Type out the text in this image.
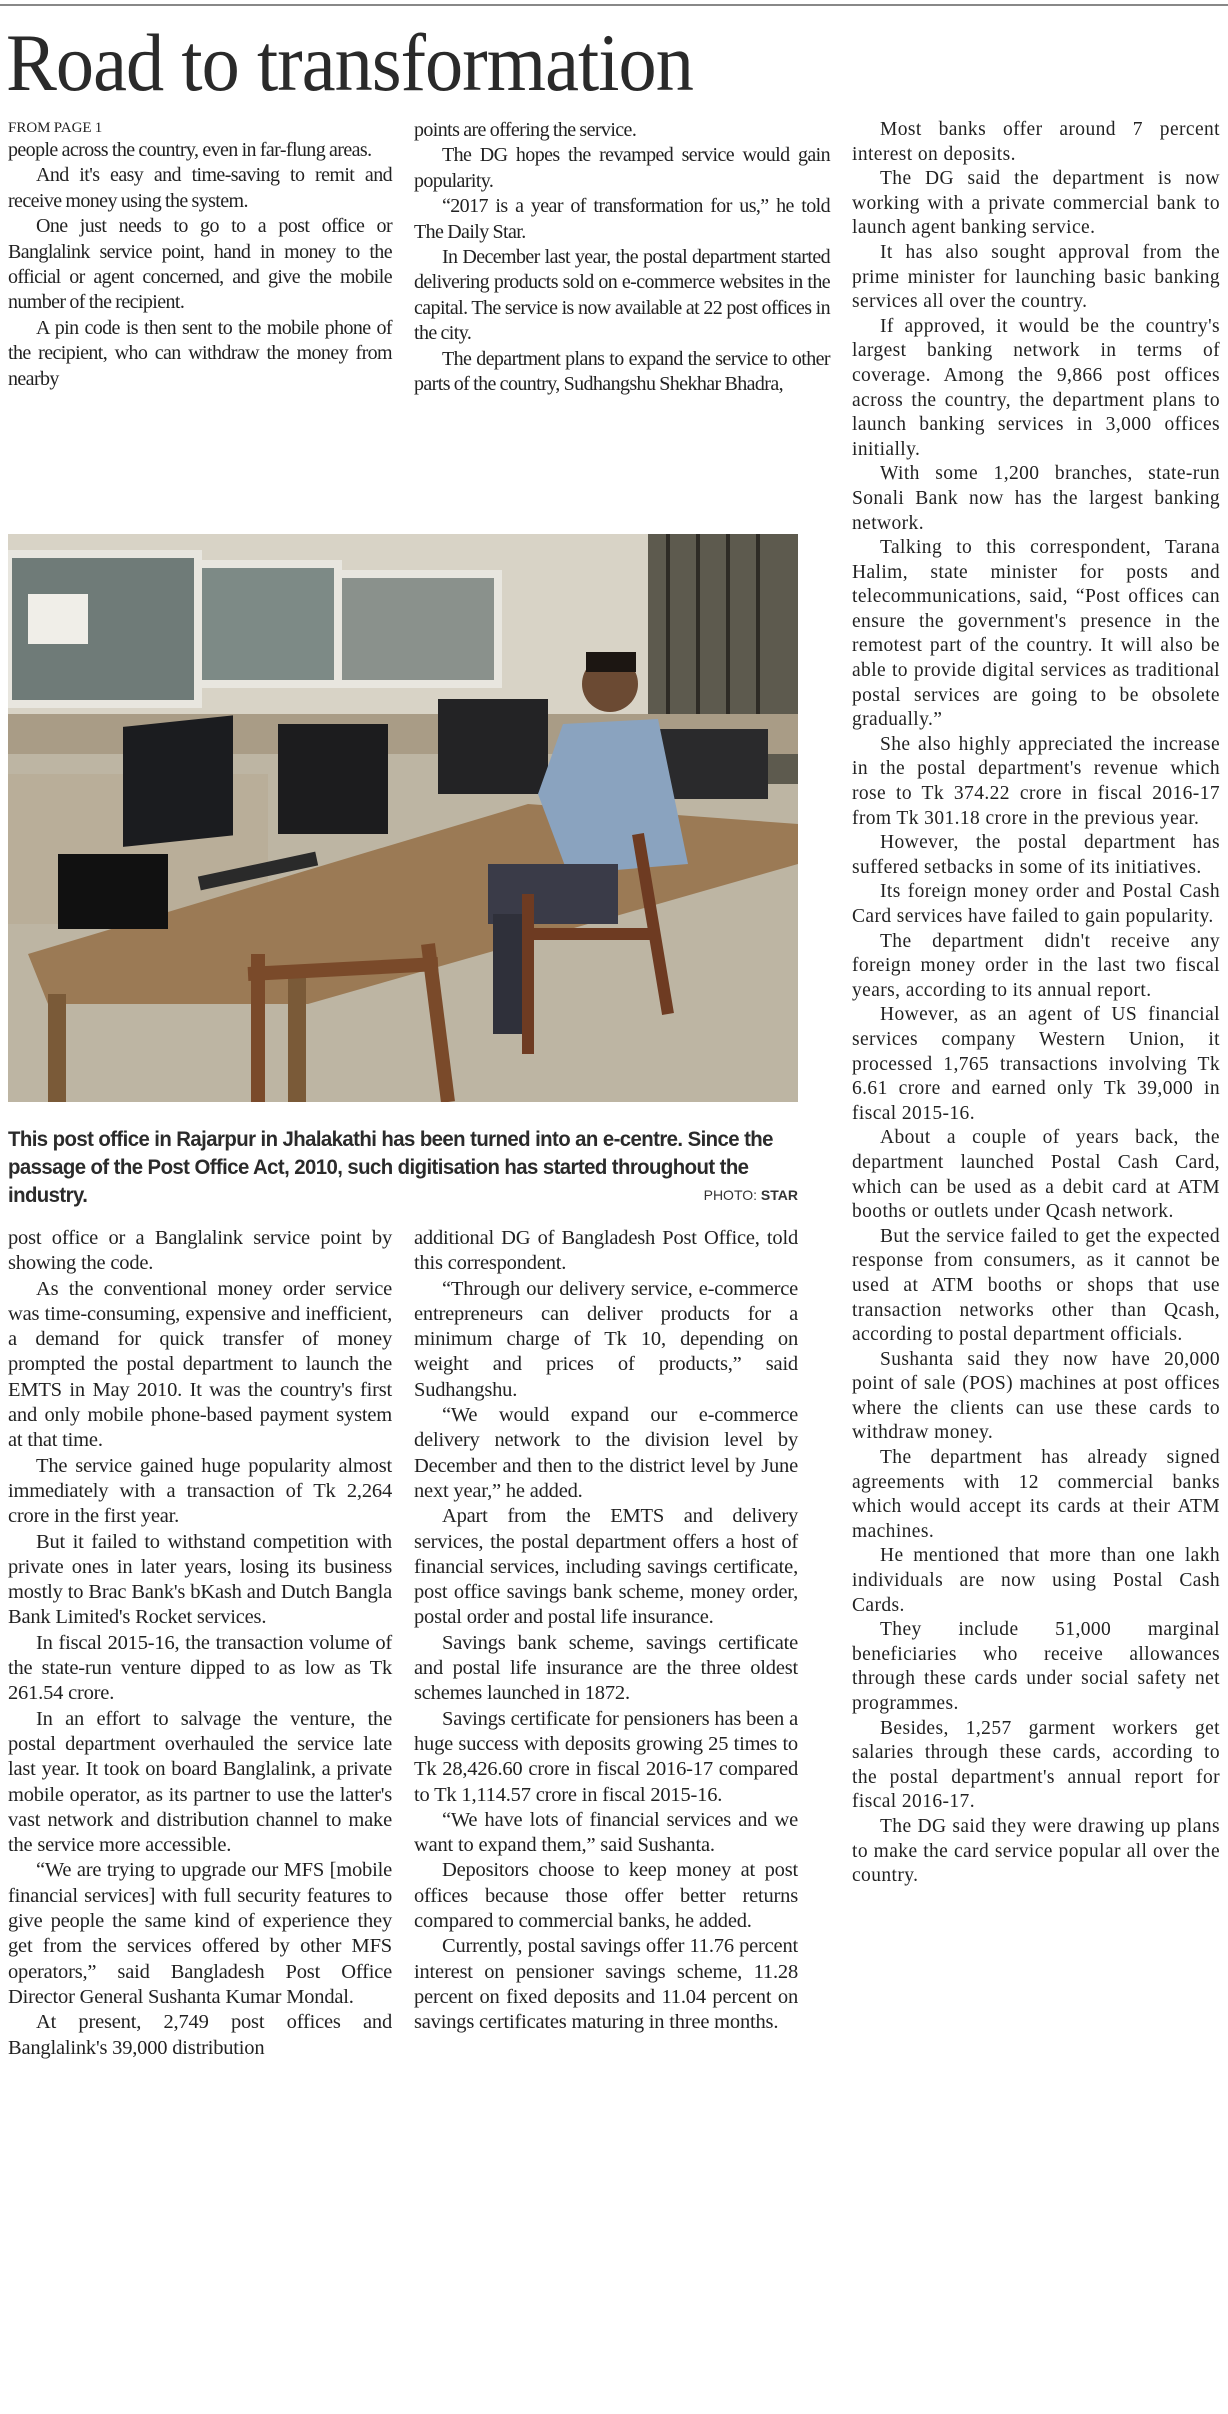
Road to transformation
FROM PAGE 1

people across the country, even in far-flung areas.

And it's easy and time-saving to remit and receive money using the system.

One just needs to go to a post office or Banglalink service point, hand in money to the official or agent concerned, and give the mobile number of the recipient.

A pin code is then sent to the mobile phone of the recipient, who can withdraw the money from nearby

points are offering the service.

The DG hopes the revamped service would gain popularity.

“2017 is a year of transformation for us,” he told The Daily Star.

In December last year, the postal department started delivering products sold on e-commerce websites in the capital. The service is now available at 22 post offices in the city.

The department plans to expand the service to other parts of the country, Sudhangshu Shekhar Bhadra,

Most banks offer around 7 percent interest on deposits.

The DG said the department is now working with a private commercial bank to launch agent banking service.

It has also sought approval from the prime minister for launching basic banking services all over the country.

If approved, it would be the country's largest banking network in terms of coverage. Among the 9,866 post offices across the country, the department plans to launch banking services in 3,000 offices initially.

With some 1,200 branches, state-run Sonali Bank now has the largest banking network.

Talking to this correspondent, Tarana Halim, state minister for posts and telecommunications, said, “Post offices can ensure the government's presence in the remotest part of the country. It will also be able to provide digital services as traditional postal services are going to be obsolete gradually.”

She also highly appreciated the increase in the postal department's revenue which rose to Tk 374.22 crore in fiscal 2016-17 from Tk 301.18 crore in the previous year.

However, the postal department has suffered setbacks in some of its initiatives.

Its foreign money order and Postal Cash Card services have failed to gain popularity.

The department didn't receive any foreign money order in the last two fiscal years, according to its annual report.

However, as an agent of US financial services company Western Union, it processed 1,765 transactions involving Tk 6.61 crore and earned only Tk 39,000 in fiscal 2015-16.

About a couple of years back, the department launched Postal Cash Card, which can be used as a debit card at ATM booths or outlets under Qcash network.

But the service failed to get the expected response from consumers, as it cannot be used at ATM booths or shops that use transaction networks other than Qcash, according to postal department officials.

Sushanta said they now have 20,000 point of sale (POS) machines at post offices where the clients can use these cards to withdraw money.

The department has already signed agreements with 12 commercial banks which would accept its cards at their ATM machines.

He mentioned that more than one lakh individuals are now using Postal Cash Cards.

They include 51,000 marginal beneficiaries who receive allowances through these cards under social safety net programmes.

Besides, 1,257 garment workers get salaries through these cards, according to the postal department's annual report for fiscal 2016-17.

The DG said they were drawing up plans to make the card service popular all over the country.

post office or a Banglalink service point by showing the code.

As the conventional money order service was time-consuming, expensive and inefficient, a demand for quick transfer of money prompted the postal department to launch the EMTS in May 2010. It was the country's first and only mobile phone-based payment system at that time.

The service gained huge popularity almost immediately with a transaction of Tk 2,264 crore in the first year.

But it failed to withstand competition with private ones in later years, losing its business mostly to Brac Bank's bKash and Dutch Bangla Bank Limited's Rocket services.

In fiscal 2015-16, the transaction volume of the state-run venture dipped to as low as Tk 261.54 crore.

In an effort to salvage the venture, the postal department overhauled the service late last year. It took on board Banglalink, a private mobile operator, as its partner to use the latter's vast network and distribution channel to make the service more accessible.

“We are trying to upgrade our MFS [mobile financial services] with full security features to give people the same kind of experience they get from the services offered by other MFS operators,” said Bangladesh Post Office Director General Sushanta Kumar Mondal.

At present, 2,749 post offices and Banglalink's 39,000 distribution

additional DG of Bangladesh Post Office, told this correspondent.

“Through our delivery service, e-commerce entrepreneurs can deliver products for a minimum charge of Tk 10, depending on weight and prices of products,” said Sudhangshu.

“We would expand our e-commerce delivery network to the division level by December and then to the district level by June next year,” he added.

Apart from the EMTS and delivery services, the postal department offers a host of financial services, including savings certificate, post office savings bank scheme, money order, postal order and postal life insurance.

Savings bank scheme, savings certificate and postal life insurance are the three oldest schemes launched in 1872.

Savings certificate for pensioners has been a huge success with deposits growing 25 times to Tk 28,426.60 crore in fiscal 2016-17 compared to Tk 1,114.57 crore in fiscal 2015-16.

“We have lots of financial services and we want to expand them,” said Sushanta.

Depositors choose to keep money at post offices because those offer better returns compared to commercial banks, he added.

Currently, postal savings offer 11.76 percent interest on pensioner savings scheme, 11.28 percent on fixed deposits and 11.04 percent on savings certificates maturing in three months.

This post office in Rajarpur in Jhalakathi has been turned into an e-centre. Since the passage of the Post Office Act, 2010, such digitisation has started throughout the industry.	PHOTO: STAR
